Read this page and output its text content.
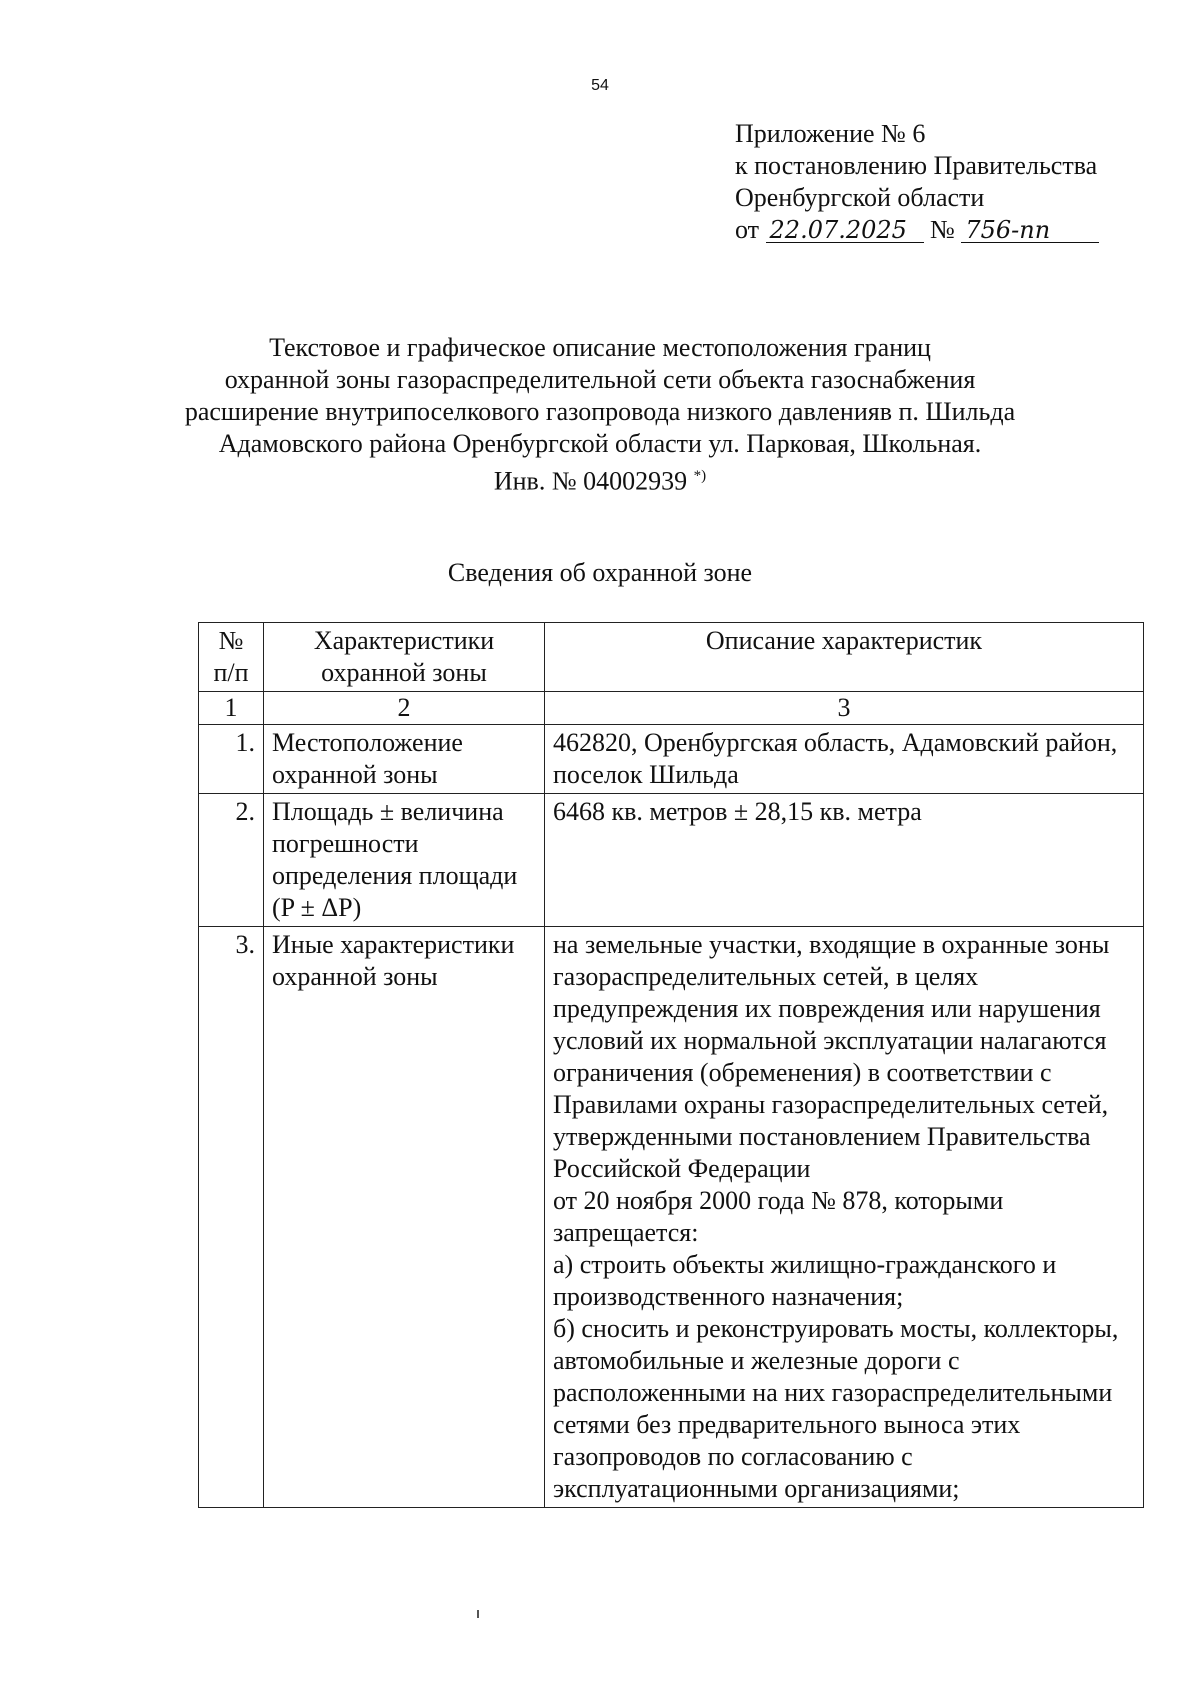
54
Приложение № 6
к постановлению Правительства
Оренбургской области
от 22.07.2025 № 756-пп
Текстовое и графическое описание местоположения границ
охранной зоны газораспределительной сети объекта газоснабжения
расширение внутрипоселкового газопровода низкого давленияв п. Шильда
Адамовского района Оренбургской области ул. Парковая, Школьная.
Инв. № 04002939 *)
Сведения об охранной зоне
№ п/п	Характеристики охранной зоны	Описание характеристик
1	2	3
1.	Местоположение охранной зоны	462820, Оренбургская область, Адамовский район, поселок Шильда
2.	Площадь ± величина погрешности определения площади (P ± ΔP)	6468 кв. метров ± 28,15 кв. метра
3.	Иные характеристики охранной зоны	на земельные участки, входящие в охранные зоны газораспределительных сетей, в целях предупреждения их повреждения или нарушения условий их нормальной эксплуатации налагаются ограничения (обременения) в соответствии с Правилами охраны газораспределительных сетей, утвержденными постановлением Правительства Российской Федерации
от 20 ноября 2000 года № 878, которыми запрещается:
а) строить объекты жилищно-гражданского и производственного назначения;
б) сносить и реконструировать мосты, коллекторы, автомобильные и железные дороги с расположенными на них газораспределительными сетями без предварительного выноса этих газопроводов по согласованию с эксплуатационными организациями;
